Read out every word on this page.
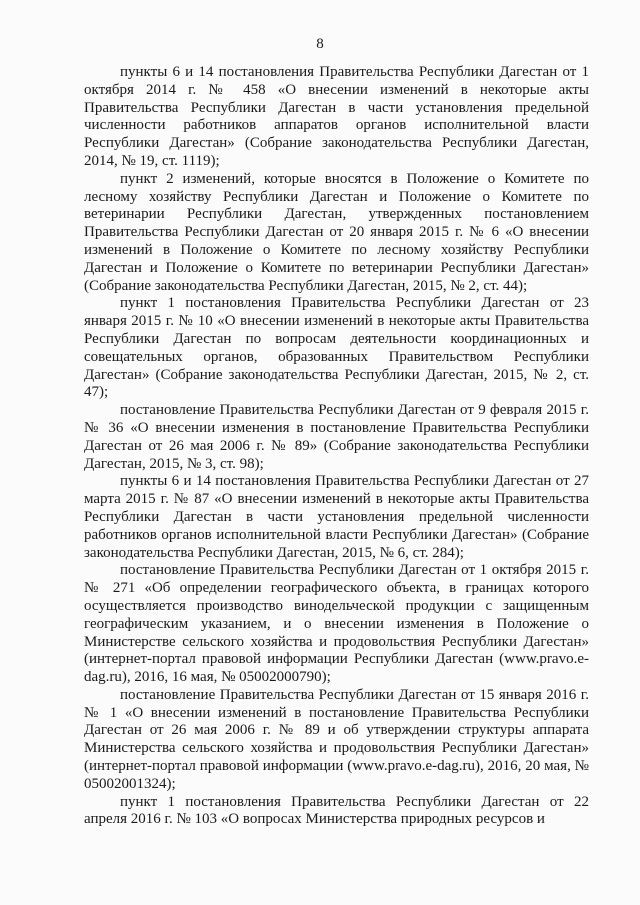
8

пункты 6 и 14 постановления Правительства Республики Дагестан от 1 октября 2014 г. № 458 «О внесении изменений в некоторые акты Правительства Республики Дагестан в части установления предельной численности работников аппаратов органов исполнительной власти Республики Дагестан» (Собрание законодательства Республики Дагестан, 2014, № 19, ст. 1119);

пункт 2 изменений, которые вносятся в Положение о Комитете по лесному хозяйству Республики Дагестан и Положение о Комитете по ветеринарии Республики Дагестан, утвержденных постановлением Правительства Республики Дагестан от 20 января 2015 г. № 6 «О внесении изменений в Положение о Комитете по лесному хозяйству Республики Дагестан и Положение о Комитете по ветеринарии Республики Дагестан» (Собрание законодательства Республики Дагестан, 2015, № 2, ст. 44);

пункт 1 постановления Правительства Республики Дагестан от 23 января 2015 г. № 10 «О внесении изменений в некоторые акты Правительства Республики Дагестан по вопросам деятельности координационных и совещательных органов, образованных Правительством Республики Дагестан» (Собрание законодательства Республики Дагестан, 2015, № 2, ст. 47);

постановление Правительства Республики Дагестан от 9 февраля 2015 г. № 36 «О внесении изменения в постановление Правительства Республики Дагестан от 26 мая 2006 г. № 89» (Собрание законодательства Республики Дагестан, 2015, № 3, ст. 98);

пункты 6 и 14 постановления Правительства Республики Дагестан от 27 марта 2015 г. № 87 «О внесении изменений в некоторые акты Правительства Республики Дагестан в части установления предельной численности работников органов исполнительной власти Республики Дагестан» (Собрание законодательства Республики Дагестан, 2015, № 6, ст. 284);

постановление Правительства Республики Дагестан от 1 октября 2015 г. № 271 «Об определении географического объекта, в границах которого осуществляется производство винодельческой продукции с защищенным географическим указанием, и о внесении изменения в Положение о Министерстве сельского хозяйства и продовольствия Республики Дагестан» (интернет-портал правовой информации Республики Дагестан (www.pravo.e-dag.ru), 2016, 16 мая, № 05002000790);

постановление Правительства Республики Дагестан от 15 января 2016 г. № 1 «О внесении изменений в постановление Правительства Республики Дагестан от 26 мая 2006 г. № 89 и об утверждении структуры аппарата Министерства сельского хозяйства и продовольствия Республики Дагестан» (интернет-портал правовой информации (www.pravo.e-dag.ru), 2016, 20 мая, № 05002001324);

пункт 1 постановления Правительства Республики Дагестан от 22 апреля 2016 г. № 103 «О вопросах Министерства природных ресурсов и
